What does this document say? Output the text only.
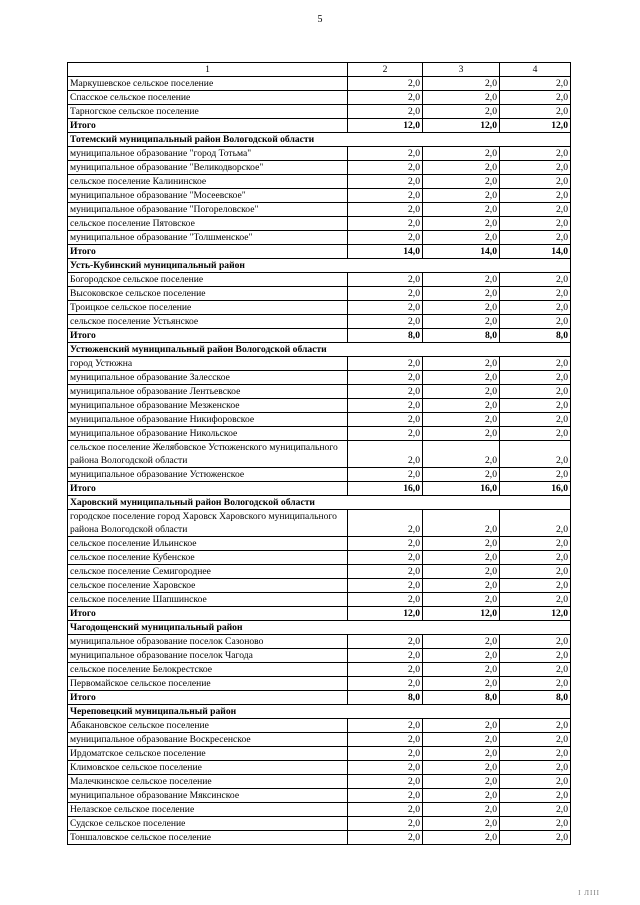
5
1	2	3	4
Маркушевское сельское поселение	2,0	2,0	2,0
Спасское сельское поселение	2,0	2,0	2,0
Тарногское сельское поселение	2,0	2,0	2,0
Итого	12,0	12,0	12,0
Тотемский муниципальный район Вологодской области			
муниципальное образование "город Тотьма"	2,0	2,0	2,0
муниципальное образование "Великодворское"	2,0	2,0	2,0
сельское поселение Калининское	2,0	2,0	2,0
муниципальное образование "Мосеевское"	2,0	2,0	2,0
муниципальное образование "Погореловское"	2,0	2,0	2,0
сельское поселение Пятовское	2,0	2,0	2,0
муниципальное образование "Толшменское"	2,0	2,0	2,0
Итого	14,0	14,0	14,0
Усть-Кубинский муниципальный район			
Богородское сельское поселение	2,0	2,0	2,0
Высоковское сельское поселение	2,0	2,0	2,0
Троицкое сельское поселение	2,0	2,0	2,0
сельское поселение Устьянское	2,0	2,0	2,0
Итого	8,0	8,0	8,0
Устюженский муниципальный район Вологодской области			
город Устюжна	2,0	2,0	2,0
муниципальное образование Залесское	2,0	2,0	2,0
муниципальное образование Лентьевское	2,0	2,0	2,0
муниципальное образование Мезженское	2,0	2,0	2,0
муниципальное образование Никифоровское	2,0	2,0	2,0
муниципальное образование Никольское	2,0	2,0	2,0
сельское поселение Желябовское Устюженского муниципального района Вологодской области	2,0	2,0	2,0
муниципальное образование Устюженское	2,0	2,0	2,0
Итого	16,0	16,0	16,0
Харовский муниципальный район Вологодской области			
городское поселение город Харовск Харовского муниципального района Вологодской области	2,0	2,0	2,0
сельское поселение Ильинское	2,0	2,0	2,0
сельское поселение Кубенское	2,0	2,0	2,0
сельское поселение Семигороднее	2,0	2,0	2,0
сельское поселение Харовское	2,0	2,0	2,0
сельское поселение Шапшинское	2,0	2,0	2,0
Итого	12,0	12,0	12,0
Чагодощенский муниципальный район			
муниципальное образование поселок Сазоново	2,0	2,0	2,0
муниципальное образование поселок Чагода	2,0	2,0	2,0
сельское поселение Белокрестское	2,0	2,0	2,0
Первомайское сельское поселение	2,0	2,0	2,0
Итого	8,0	8,0	8,0
Череповецкий муниципальный район			
Абакановское сельское поселение	2,0	2,0	2,0
муниципальное образование Воскресенское	2,0	2,0	2,0
Ирдоматское сельское поселение	2,0	2,0	2,0
Климовское сельское поселение	2,0	2,0	2,0
Малечкинское сельское поселение	2,0	2,0	2,0
муниципальное образование Мяксинское	2,0	2,0	2,0
Нелазское сельское поселение	2,0	2,0	2,0
Судское сельское поселение	2,0	2,0	2,0
Тоншаловское сельское поселение	2,0	2,0	2,0
I ЛIII
